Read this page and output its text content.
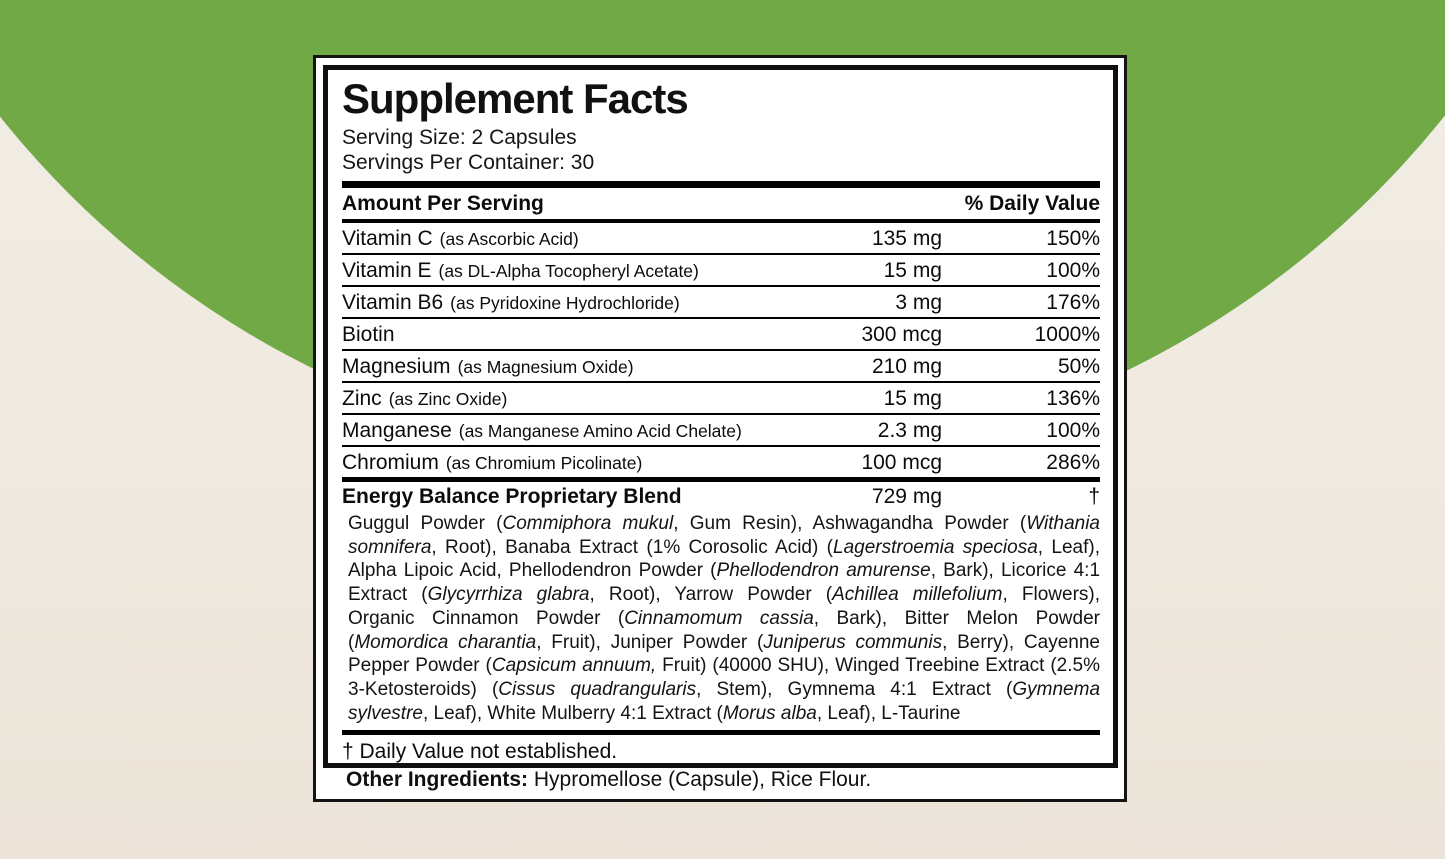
Supplement Facts
Serving Size: 2 Capsules
Servings Per Container: 30
Amount Per Serving	% Daily Value
Vitamin C (as Ascorbic Acid)	135 mg	150%
Vitamin E (as DL-Alpha Tocopheryl Acetate)	15 mg	100%
Vitamin B6 (as Pyridoxine Hydrochloride)	3 mg	176%
Biotin	300 mcg	1000%
Magnesium (as Magnesium Oxide)	210 mg	50%
Zinc (as Zinc Oxide)	15 mg	136%
Manganese (as Manganese Amino Acid Chelate)	2.3 mg	100%
Chromium (as Chromium Picolinate)	100 mcg	286%
Energy Balance Proprietary Blend	729 mg	†
Guggul Powder (Commiphora mukul, Gum Resin), Ashwagandha Powder (Withania somnifera, Root), Banaba Extract (1% Corosolic Acid) (Lagerstroemia speciosa, Leaf), Alpha Lipoic Acid, Phellodendron Powder (Phellodendron amurense, Bark), Licorice 4:1 Extract (Glycyrrhiza glabra, Root), Yarrow Powder (Achillea millefolium, Flowers), Organic Cinnamon Powder (Cinnamomum cassia, Bark), Bitter Melon Powder (Momordica charantia, Fruit), Juniper Powder (Juniperus communis, Berry), Cayenne Pepper Powder (Capsicum annuum, Fruit) (40000 SHU), Winged Treebine Extract (2.5% 3-Ketosteroids) (Cissus quadrangularis, Stem), Gymnema 4:1 Extract (Gymnema sylvestre, Leaf), White Mulberry 4:1 Extract (Morus alba, Leaf), L-Taurine
† Daily Value not established.
Other Ingredients: Hypromellose (Capsule), Rice Flour.
